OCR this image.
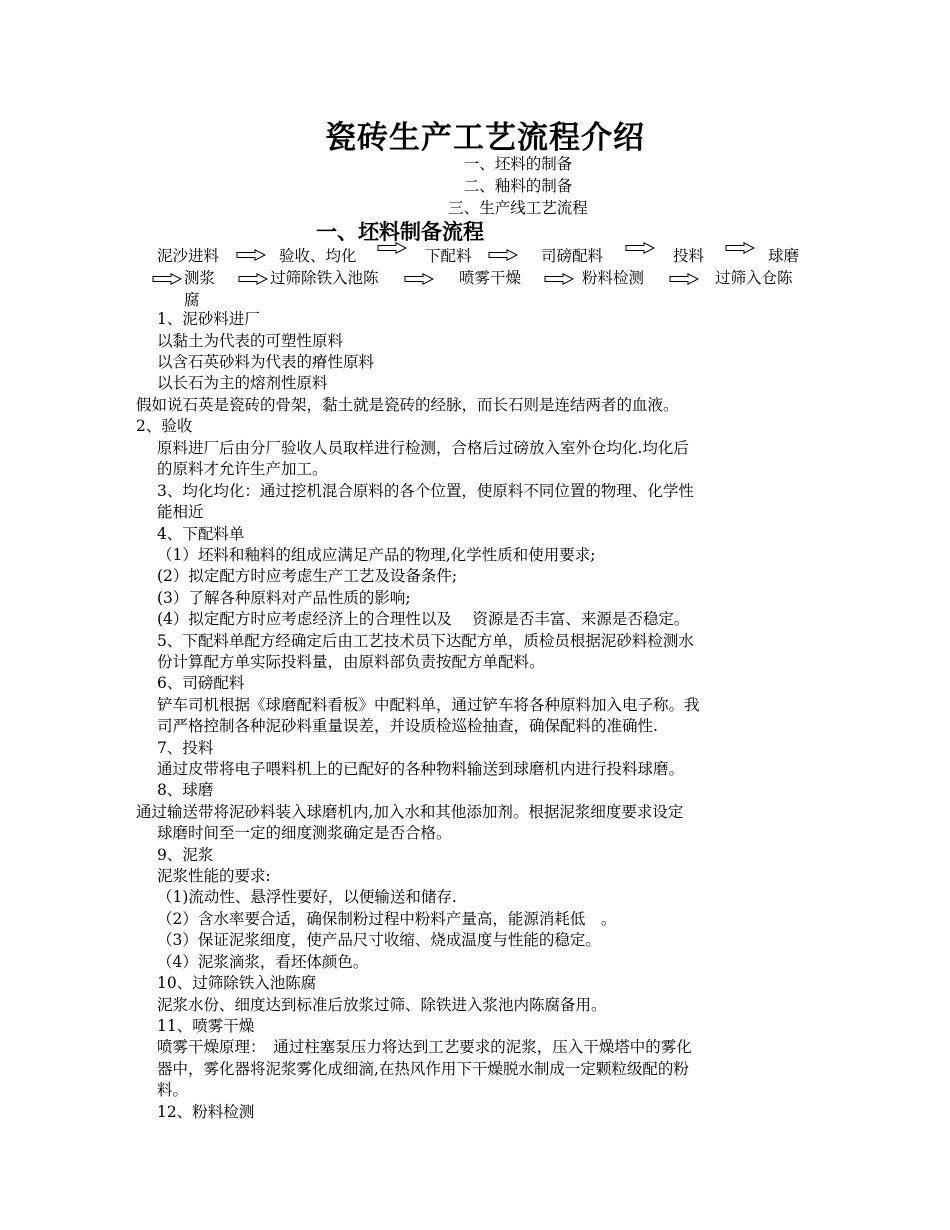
瓷砖生产工艺流程介绍
一、坯料的制备
二、釉料的制备
三、生产线工艺流程
一、坯料制备流程
泥沙进料	验收、均化	下配料	司磅配料	投料	球磨
测浆	过筛除铁入池陈	喷雾干燥	粉料检测	过筛入仓陈
腐
1、泥砂料进厂
以黏土为代表的可塑性原料
以含石英砂料为代表的瘠性原料
以长石为主的熔剂性原料
假如说石英是瓷砖的骨架，黏土就是瓷砖的经脉，而长石则是连结两者的血液。
2、验收
原料进厂后由分厂验收人员取样进行检测，合格后过磅放入室外仓均化.均化后
的原料才允许生产加工。
3、均化均化：通过挖机混合原料的各个位置，使原料不同位置的物理、化学性
能相近
4、下配料单
（1）坯料和釉料的组成应满足产品的物理,化学性质和使用要求;
(2）拟定配方时应考虑生产工艺及设备条件;
(3）了解各种原料对产品性质的影响;
(4）拟定配方时应考虑经济上的合理性以及　 资源是否丰富、来源是否稳定。
5、下配料单配方经确定后由工艺技术员下达配方单，质检员根据泥砂料检测水
份计算配方单实际投料量，由原料部负责按配方单配料。
6、司磅配料
铲车司机根据《球磨配料看板》中配料单，通过铲车将各种原料加入电子称。我
司严格控制各种泥砂料重量误差，并设质检巡检抽查，确保配料的准确性.
7、投料
通过皮带将电子喂料机上的已配好的各种物料输送到球磨机内进行投料球磨。
8、球磨
通过输送带将泥砂料装入球磨机内,加入水和其他添加剂。根据泥浆细度要求设定
球磨时间至一定的细度测浆确定是否合格。
9、泥浆
泥浆性能的要求:
（1)流动性、悬浮性要好，以便输送和储存.
（2）含水率要合适，确保制粉过程中粉料产量高，能源消耗低　。
（3）保证泥浆细度，使产品尺寸收缩、烧成温度与性能的稳定。
（4）泥浆滴浆，看坯体颜色。
10、过筛除铁入池陈腐
泥浆水份、细度达到标准后放浆过筛、除铁进入浆池内陈腐备用。
11、喷雾干燥
喷雾干燥原理：　通过柱塞泵压力将达到工艺要求的泥浆，压入干燥塔中的雾化
器中，雾化器将泥浆雾化成细滴,在热风作用下干燥脱水制成一定颗粒级配的粉
料。
12、粉料检测
